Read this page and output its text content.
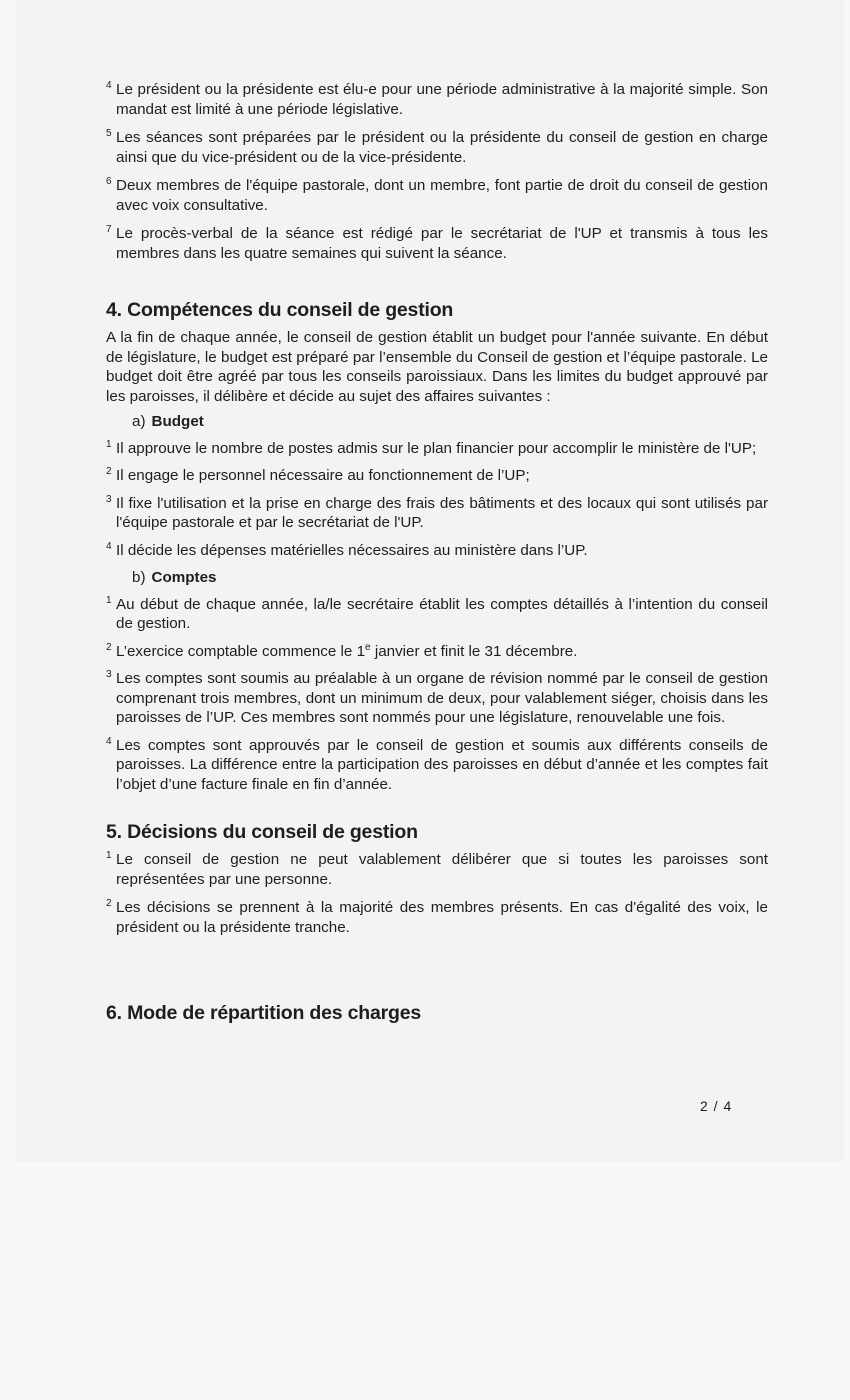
4 Le président ou la présidente est élu-e pour une période administrative à la majorité simple. Son mandat est limité à une période législative.

5 Les séances sont préparées par le président ou la présidente du conseil de gestion en charge ainsi que du vice-président ou de la vice-présidente.

6 Deux membres de l'équipe pastorale, dont un membre, font partie de droit du conseil de gestion avec voix consultative.

7 Le procès-verbal de la séance est rédigé par le secrétariat de l'UP et transmis à tous les membres dans les quatre semaines qui suivent la séance.

4. Compétences du conseil de gestion

A la fin de chaque année, le conseil de gestion établit un budget pour l'année suivante. En début de législature, le budget est préparé par l’ensemble du Conseil de gestion et l’équipe pastorale. Le budget doit être agréé par tous les conseils paroissiaux. Dans les limites du budget approuvé par les paroisses, il délibère et décide au sujet des affaires suivantes :

a) Budget

1 Il approuve le nombre de postes admis sur le plan financier pour accomplir le ministère de l'UP;

2 Il engage le personnel nécessaire au fonctionnement de l’UP;

3 Il fixe l'utilisation et la prise en charge des frais des bâtiments et des locaux qui sont utilisés par l'équipe pastorale et par le secrétariat de l'UP.

4 Il décide les dépenses matérielles nécessaires au ministère dans l’UP.

b) Comptes

1 Au début de chaque année, la/le secrétaire établit les comptes détaillés à l’intention du conseil de gestion.

2 L’exercice comptable commence le 1e janvier et finit le 31 décembre.

3 Les comptes sont soumis au préalable à un organe de révision nommé par le conseil de gestion comprenant trois membres, dont un minimum de deux, pour valablement siéger, choisis dans les paroisses de l’UP. Ces membres sont nommés pour une législature, renouvelable une fois.

4 Les comptes sont approuvés par le conseil de gestion et soumis aux différents conseils de paroisses. La différence entre la participation des paroisses en début d’année et les comptes fait l’objet d’une facture finale en fin d’année.

5. Décisions du conseil de gestion

1 Le conseil de gestion ne peut valablement délibérer que si toutes les paroisses sont représentées par une personne.

2 Les décisions se prennent à la majorité des membres présents. En cas d'égalité des voix, le président ou la présidente tranche.

6. Mode de répartition des charges
2 / 4
